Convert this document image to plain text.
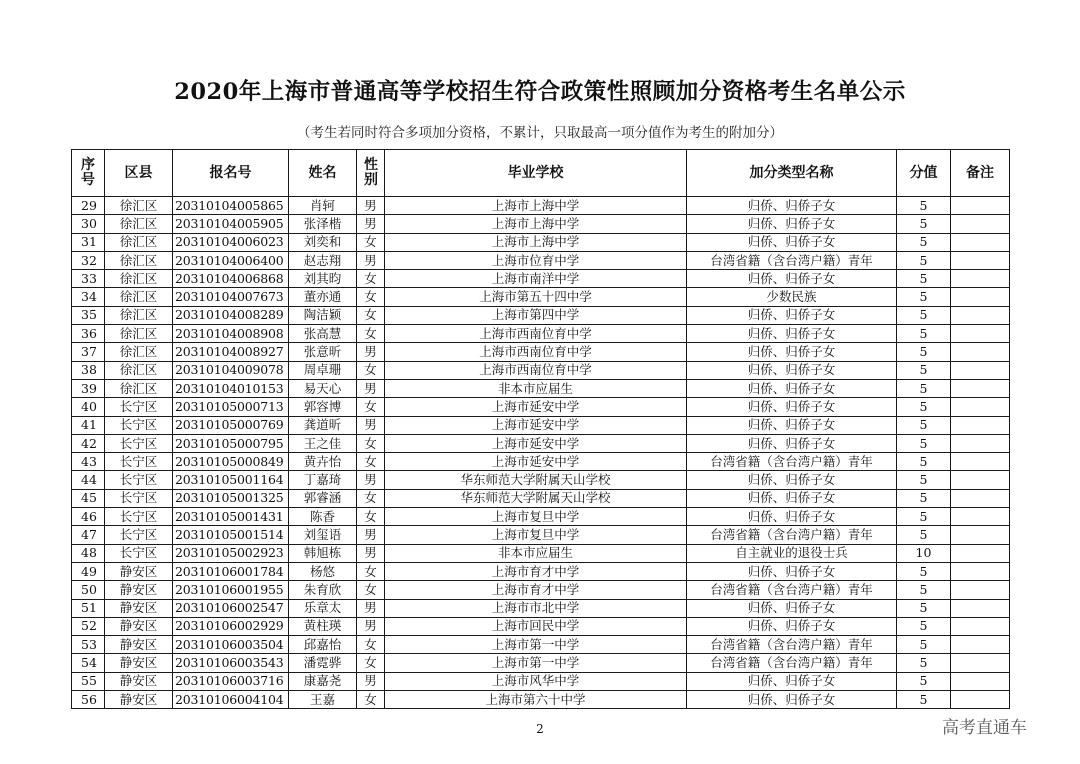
2020年上海市普通高等学校招生符合政策性照顾加分资格考生名单公示
（考生若同时符合多项加分资格，不累计，只取最高一项分值作为考生的附加分）
序号	区县	报名号	姓名	性别	毕业学校	加分类型名称	分值	备注
29	徐汇区	20310104005865	肖轲	男	上海市上海中学	归侨、归侨子女	5	
30	徐汇区	20310104005905	张泽楷	男	上海市上海中学	归侨、归侨子女	5	
31	徐汇区	20310104006023	刘奕和	女	上海市上海中学	归侨、归侨子女	5	
32	徐汇区	20310104006400	赵志翔	男	上海市位育中学	台湾省籍（含台湾户籍）青年	5	
33	徐汇区	20310104006868	刘其昀	女	上海市南洋中学	归侨、归侨子女	5	
34	徐汇区	20310104007673	董亦通	女	上海市第五十四中学	少数民族	5	
35	徐汇区	20310104008289	陶洁颖	女	上海市第四中学	归侨、归侨子女	5	
36	徐汇区	20310104008908	张高慧	女	上海市西南位育中学	归侨、归侨子女	5	
37	徐汇区	20310104008927	张意昕	男	上海市西南位育中学	归侨、归侨子女	5	
38	徐汇区	20310104009078	周卓珊	女	上海市西南位育中学	归侨、归侨子女	5	
39	徐汇区	20310104010153	易天心	男	非本市应届生	归侨、归侨子女	5	
40	长宁区	20310105000713	郭容博	女	上海市延安中学	归侨、归侨子女	5	
41	长宁区	20310105000769	龚道昕	男	上海市延安中学	归侨、归侨子女	5	
42	长宁区	20310105000795	王之佳	女	上海市延安中学	归侨、归侨子女	5	
43	长宁区	20310105000849	黄卉怡	女	上海市延安中学	台湾省籍（含台湾户籍）青年	5	
44	长宁区	20310105001164	丁嘉琦	男	华东师范大学附属天山学校	归侨、归侨子女	5	
45	长宁区	20310105001325	郭睿涵	女	华东师范大学附属天山学校	归侨、归侨子女	5	
46	长宁区	20310105001431	陈香	女	上海市复旦中学	归侨、归侨子女	5	
47	长宁区	20310105001514	刘玺语	男	上海市复旦中学	台湾省籍（含台湾户籍）青年	5	
48	长宁区	20310105002923	韩旭栋	男	非本市应届生	自主就业的退役士兵	10	
49	静安区	20310106001784	杨悠	女	上海市育才中学	归侨、归侨子女	5	
50	静安区	20310106001955	朱育欣	女	上海市育才中学	台湾省籍（含台湾户籍）青年	5	
51	静安区	20310106002547	乐章太	男	上海市市北中学	归侨、归侨子女	5	
52	静安区	20310106002929	黄柱瑛	男	上海市回民中学	归侨、归侨子女	5	
53	静安区	20310106003504	邱嘉怡	女	上海市第一中学	台湾省籍（含台湾户籍）青年	5	
54	静安区	20310106003543	潘霓骅	女	上海市第一中学	台湾省籍（含台湾户籍）青年	5	
55	静安区	20310106003716	康嘉尧	男	上海市风华中学	归侨、归侨子女	5	
56	静安区	20310106004104	王嘉	女	上海市第六十中学	归侨、归侨子女	5	
2	高考直通车
